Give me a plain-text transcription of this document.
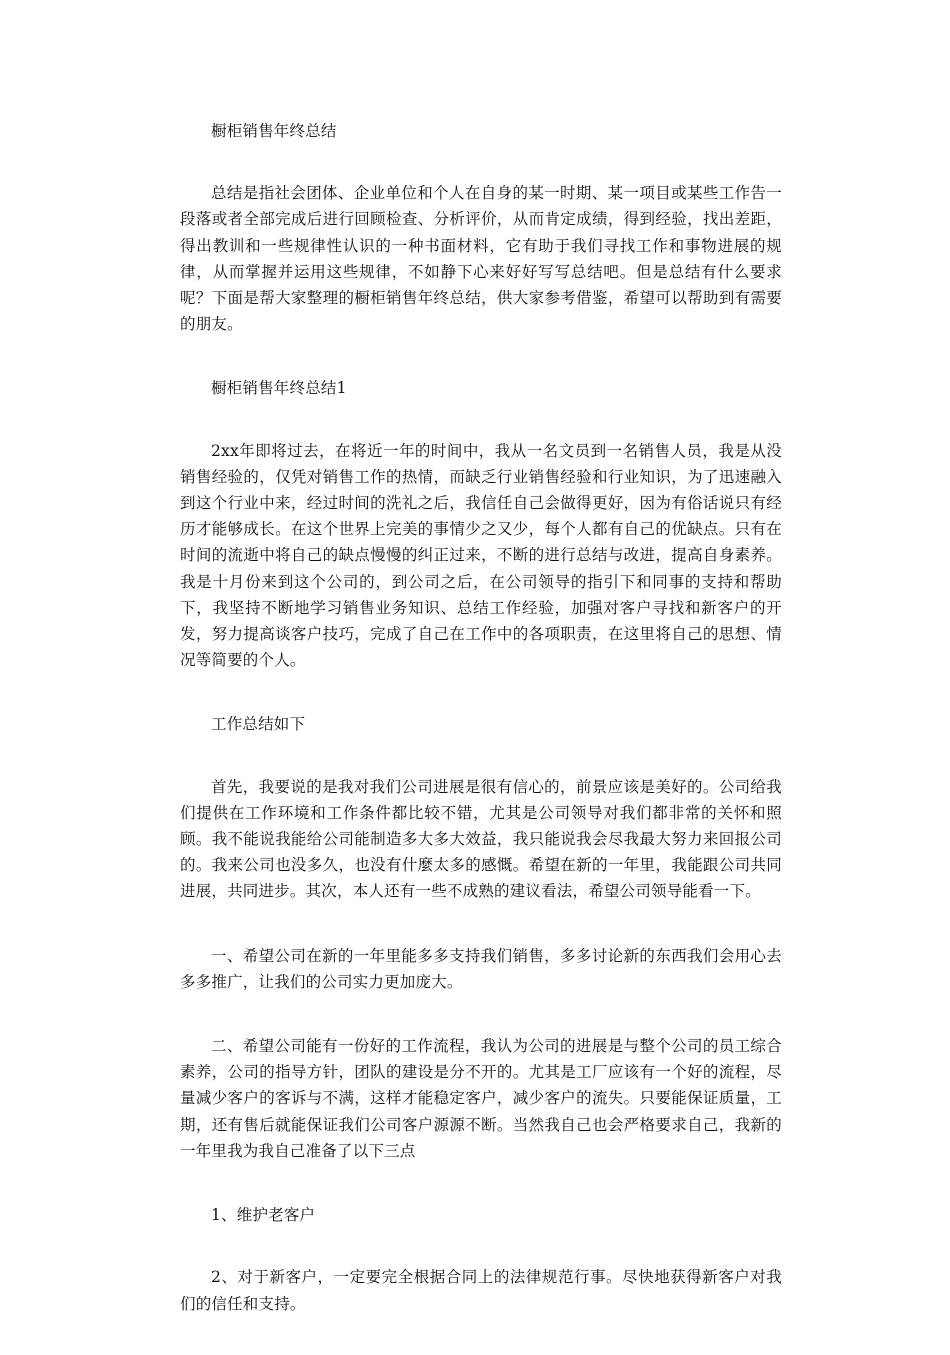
橱柜销售年终总结

总结是指社会团体、企业单位和个人在自身的某一时期、某一项目或某些工作告一段落或者全部完成后进行回顾检查、分析评价，从而肯定成绩，得到经验，找出差距，得出教训和一些规律性认识的一种书面材料，它有助于我们寻找工作和事物进展的规律，从而掌握并运用这些规律，不如静下心来好好写写总结吧。但是总结有什么要求呢？下面是帮大家整理的橱柜销售年终总结，供大家参考借鉴，希望可以帮助到有需要的朋友。

橱柜销售年终总结1

2xx年即将过去，在将近一年的时间中，我从一名文员到一名销售人员，我是从没销售经验的，仅凭对销售工作的热情，而缺乏行业销售经验和行业知识，为了迅速融入到这个行业中来，经过时间的洗礼之后，我信任自己会做得更好，因为有俗话说只有经历才能够成长。在这个世界上完美的事情少之又少，每个人都有自己的优缺点。只有在时间的流逝中将自己的缺点慢慢的纠正过来，不断的进行总结与改进，提高自身素养。我是十月份来到这个公司的，到公司之后，在公司领导的指引下和同事的支持和帮助下，我坚持不断地学习销售业务知识、总结工作经验，加强对客户寻找和新客户的开发，努力提高谈客户技巧，完成了自己在工作中的各项职责，在这里将自己的思想、情况等简要的个人。

工作总结如下

首先，我要说的是我对我们公司进展是很有信心的，前景应该是美好的。公司给我们提供在工作环境和工作条件都比较不错，尤其是公司领导对我们都非常的关怀和照顾。我不能说我能给公司能制造多大多大效益，我只能说我会尽我最大努力来回报公司的。我来公司也没多久，也没有什麼太多的感慨。希望在新的一年里，我能跟公司共同进展，共同进步。其次，本人还有一些不成熟的建议看法，希望公司领导能看一下。

一、希望公司在新的一年里能多多支持我们销售，多多讨论新的东西我们会用心去多多推广，让我们的公司实力更加庞大。

二、希望公司能有一份好的工作流程，我认为公司的进展是与整个公司的员工综合素养，公司的指导方针，团队的建设是分不开的。尤其是工厂应该有一个好的流程，尽量减少客户的客诉与不满，这样才能稳定客户，减少客户的流失。只要能保证质量，工期，还有售后就能保证我们公司客户源源不断。当然我自己也会严格要求自己，我新的一年里我为我自己准备了以下三点

1、维护老客户

2、对于新客户，一定要完全根据合同上的法律规范行事。尽快地获得新客户对我们的信任和支持。
